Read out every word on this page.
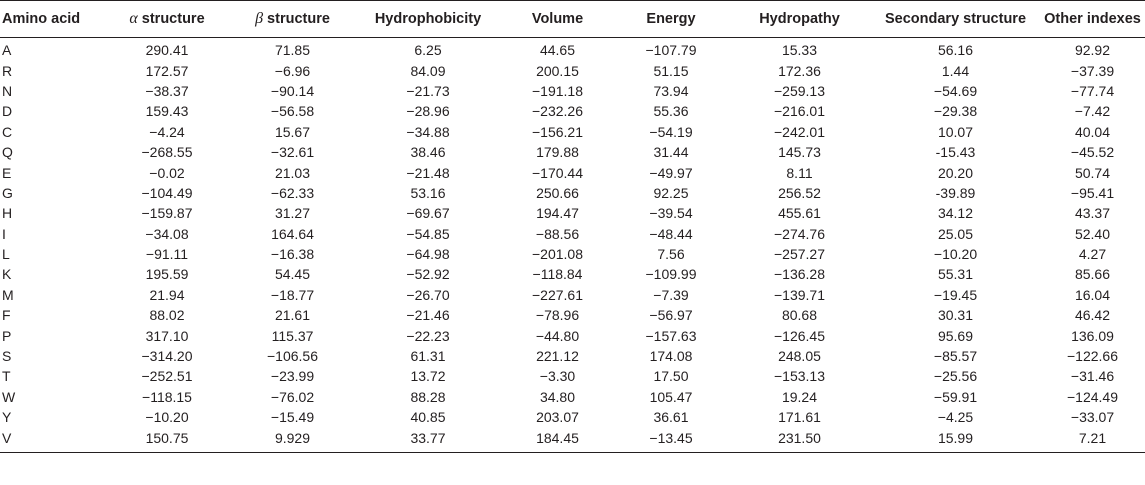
Amino acid	α structure	β structure	Hydrophobicity	Volume	Energy	Hydropathy	Secondary structure	Other indexes
A	290.41	71.85	6.25	44.65	−107.79	15.33	56.16	92.92
R	172.57	−6.96	84.09	200.15	51.15	172.36	1.44	−37.39
N	−38.37	−90.14	−21.73	−191.18	73.94	−259.13	−54.69	−77.74
D	159.43	−56.58	−28.96	−232.26	55.36	−216.01	−29.38	−7.42
C	−4.24	15.67	−34.88	−156.21	−54.19	−242.01	10.07	40.04
Q	−268.55	−32.61	38.46	179.88	31.44	145.73	-15.43	−45.52
E	−0.02	21.03	−21.48	−170.44	−49.97	8.11	20.20	50.74
G	−104.49	−62.33	53.16	250.66	92.25	256.52	-39.89	−95.41
H	−159.87	31.27	−69.67	194.47	−39.54	455.61	34.12	43.37
I	−34.08	164.64	−54.85	−88.56	−48.44	−274.76	25.05	52.40
L	−91.11	−16.38	−64.98	−201.08	7.56	−257.27	−10.20	4.27
K	195.59	54.45	−52.92	−118.84	−109.99	−136.28	55.31	85.66
M	21.94	−18.77	−26.70	−227.61	−7.39	−139.71	−19.45	16.04
F	88.02	21.61	−21.46	−78.96	−56.97	80.68	30.31	46.42
P	317.10	115.37	−22.23	−44.80	−157.63	−126.45	95.69	136.09
S	−314.20	−106.56	61.31	221.12	174.08	248.05	−85.57	−122.66
T	−252.51	−23.99	13.72	−3.30	17.50	−153.13	−25.56	−31.46
W	−118.15	−76.02	88.28	34.80	105.47	19.24	−59.91	−124.49
Y	−10.20	−15.49	40.85	203.07	36.61	171.61	−4.25	−33.07
V	150.75	9.929	33.77	184.45	−13.45	231.50	15.99	7.21
